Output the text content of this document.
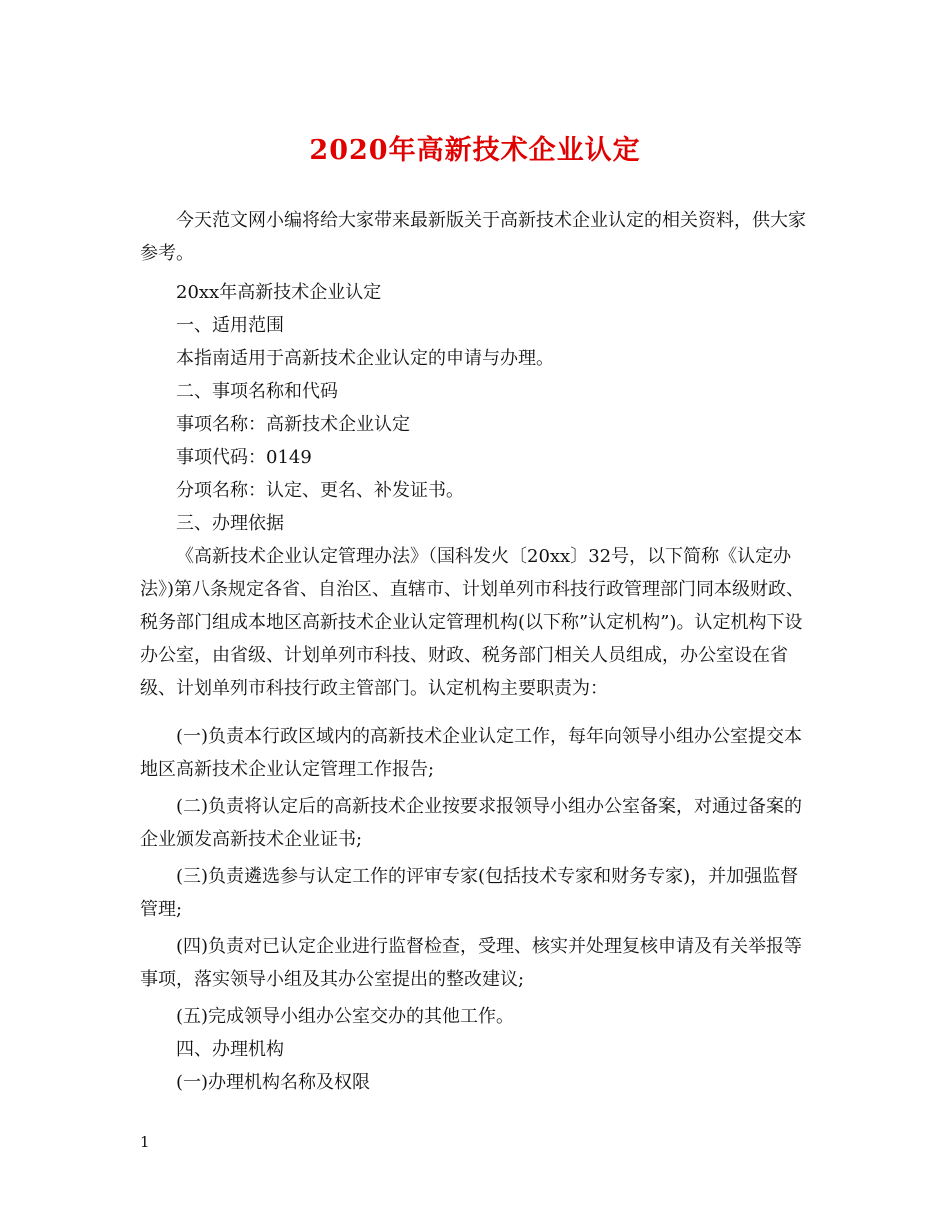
2020年高新技术企业认定

今天范文网小编将给大家带来最新版关于高新技术企业认定的相关资料，供大家参考。

20xx年高新技术企业认定

一、适用范围

本指南适用于高新技术企业认定的申请与办理。

二、事项名称和代码

事项名称：高新技术企业认定

事项代码：0149

分项名称：认定、更名、补发证书。

三、办理依据

《高新技术企业认定管理办法》（国科发火〔20xx〕32号，以下简称《认定办法》)第八条规定各省、自治区、直辖市、计划单列市科技行政管理部门同本级财政、税务部门组成本地区高新技术企业认定管理机构(以下称”认定机构”)。认定机构下设办公室，由省级、计划单列市科技、财政、税务部门相关人员组成，办公室设在省级、计划单列市科技行政主管部门。认定机构主要职责为：

(一)负责本行政区域内的高新技术企业认定工作，每年向领导小组办公室提交本地区高新技术企业认定管理工作报告;

(二)负责将认定后的高新技术企业按要求报领导小组办公室备案，对通过备案的企业颁发高新技术企业证书;

(三)负责遴选参与认定工作的评审专家(包括技术专家和财务专家)，并加强监督管理;

(四)负责对已认定企业进行监督检查，受理、核实并处理复核申请及有关举报等事项，落实领导小组及其办公室提出的整改建议;

(五)完成领导小组办公室交办的其他工作。

四、办理机构

(一)办理机构名称及权限

1
